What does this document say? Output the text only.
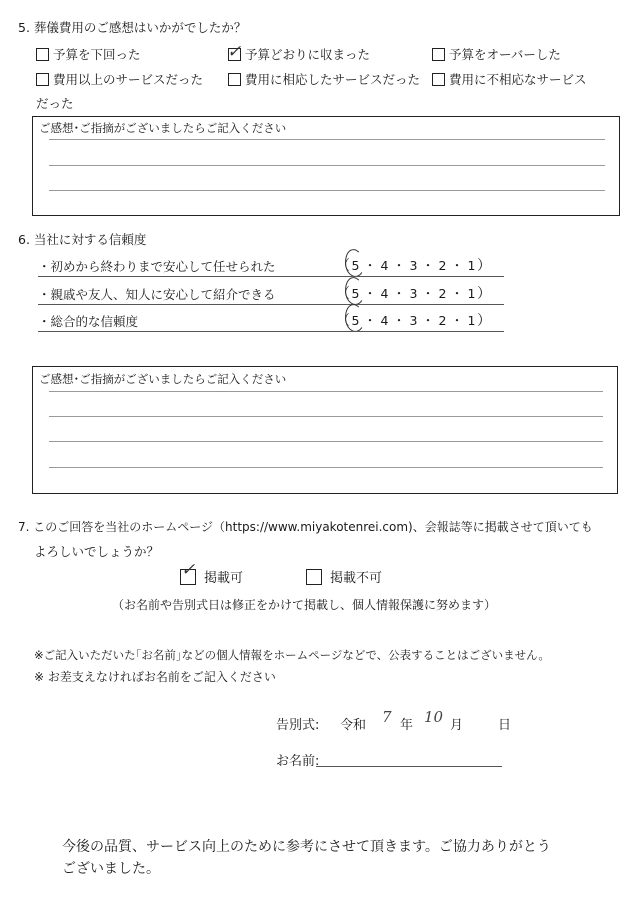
5. 葬儀費用のご感想はいかがでしたか？
予算を下回った	✓ 予算どおりに収まった	予算をオーバーした
費用以上のサービスだった	費用に相応したサービスだった	費用に不相応なサービス
だった
ご感想･ご指摘がございましたらご記入ください
6. 当社に対する信頼度
・初めから終わりまで安心して任せられた	（ 5 ・ 4 ・ 3 ・ 2 ・ 1 ）
・親戚や友人、知人に安心して紹介できる	（ 5 ・ 4 ・ 3 ・ 2 ・ 1 ）
・総合的な信頼度	（ 5 ・ 4 ・ 3 ・ 2 ・ 1 ）
ご感想･ご指摘がございましたらご記入ください
7. このご回答を当社のホームページ（https://www.miyakotenrei.com)、会報誌等に掲載させて頂いても
よろしいでしょうか？
✓ 掲載可	掲載不可
（お名前や告別式日は修正をかけて掲載し、個人情報保護に努めます）
※ご記入いただいた｢お名前｣などの個人情報をホームページなどで、公表することはございません。
※ お差支えなければお名前をご記入ください
告別式: 令和 7 年 10 月	日
お名前:
今後の品質、サービス向上のために参考にさせて頂きます。ご協力ありがとう
ございました。
